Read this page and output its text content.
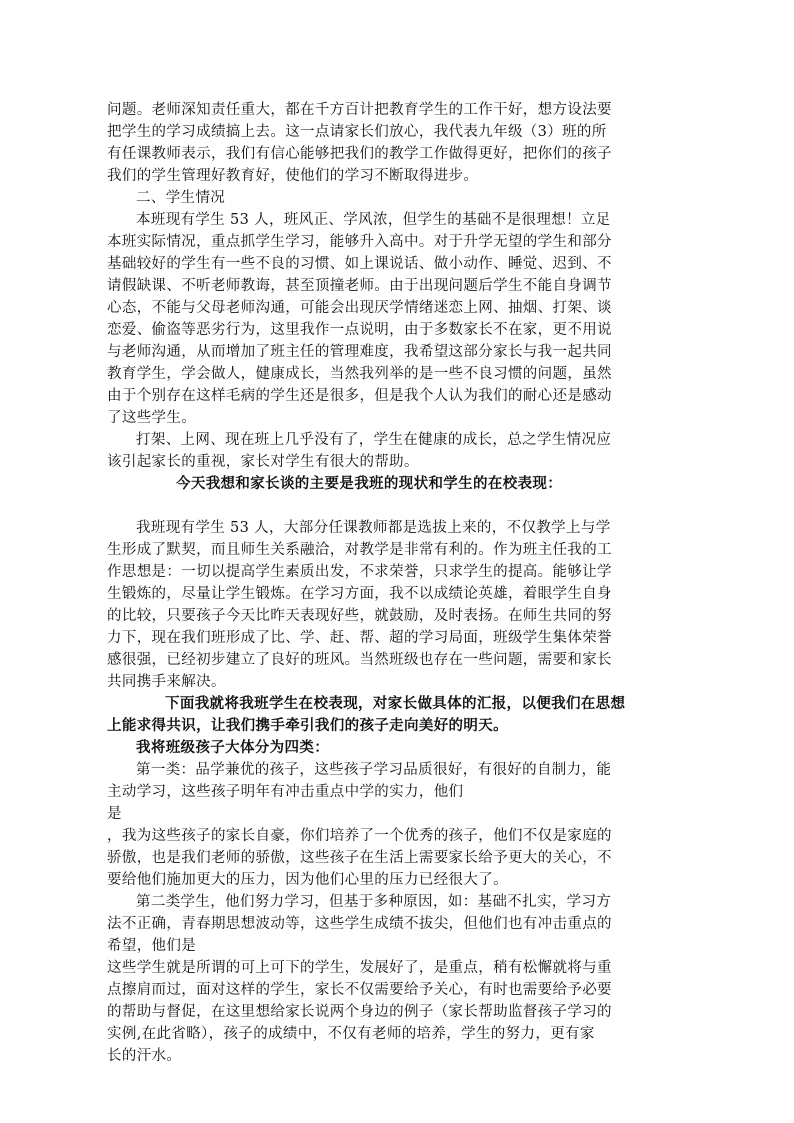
问题。老师深知责任重大，都在千方百计把教育学生的工作干好，想方设法要
把学生的学习成绩搞上去。这一点请家长们放心，我代表九年级（3）班的所
有任课教师表示，我们有信心能够把我们的教学工作做得更好，把你们的孩子
我们的学生管理好教育好，使他们的学习不断取得进步。
二、学生情况
本班现有学生 53 人，班风正、学风浓，但学生的基础不是很理想！立足
本班实际情况，重点抓学生学习，能够升入高中。对于升学无望的学生和部分
基础较好的学生有一些不良的习惯、如上课说话、做小动作、睡觉、迟到、不
请假缺课、不听老师教诲，甚至顶撞老师。由于出现问题后学生不能自身调节
心态，不能与父母老师沟通，可能会出现厌学情绪迷恋上网、抽烟、打架、谈
恋爱、偷盗等恶劣行为，这里我作一点说明，由于多数家长不在家，更不用说
与老师沟通，从而增加了班主任的管理难度，我希望这部分家长与我一起共同
教育学生，学会做人，健康成长，当然我列举的是一些不良习惯的问题，虽然
由于个别存在这样毛病的学生还是很多，但是我个人认为我们的耐心还是感动
了这些学生。
打架、上网、现在班上几乎没有了，学生在健康的成长，总之学生情况应
该引起家长的重视，家长对学生有很大的帮助。
今天我想和家长谈的主要是我班的现状和学生的在校表现：
我班现有学生 53 人，大部分任课教师都是选拔上来的，不仅教学上与学
生形成了默契，而且师生关系融洽，对教学是非常有利的。作为班主任我的工
作思想是：一切以提高学生素质出发，不求荣誉，只求学生的提高。能够让学
生锻炼的，尽量让学生锻炼。在学习方面，我不以成绩论英雄，着眼学生自身
的比较，只要孩子今天比昨天表现好些，就鼓励，及时表扬。在师生共同的努
力下，现在我们班形成了比、学、赶、帮、超的学习局面，班级学生集体荣誉
感很强，已经初步建立了良好的班风。当然班级也存在一些问题，需要和家长
共同携手来解决。
下面我就将我班学生在校表现，对家长做具体的汇报，以便我们在思想
上能求得共识，让我们携手牵引我们的孩子走向美好的明天。
我将班级孩子大体分为四类：
第一类：品学兼优的孩子，这些孩子学习品质很好，有很好的自制力，能
主动学习，这些孩子明年有冲击重点中学的实力，他们
是
，我为这些孩子的家长自豪，你们培养了一个优秀的孩子，他们不仅是家庭的
骄傲，也是我们老师的骄傲，这些孩子在生活上需要家长给予更大的关心，不
要给他们施加更大的压力，因为他们心里的压力已经很大了。
第二类学生，他们努力学习，但基于多种原因，如：基础不扎实，学习方
法不正确，青春期思想波动等，这些学生成绩不拔尖，但他们也有冲击重点的
希望，他们是
这些学生就是所谓的可上可下的学生，发展好了，是重点，稍有松懈就将与重
点擦肩而过，面对这样的学生，家长不仅需要给予关心，有时也需要给予必要
的帮助与督促，在这里想给家长说两个身边的例子（家长帮助监督孩子学习的
实例,在此省略），孩子的成绩中，不仅有老师的培养，学生的努力，更有家
长的汗水。
